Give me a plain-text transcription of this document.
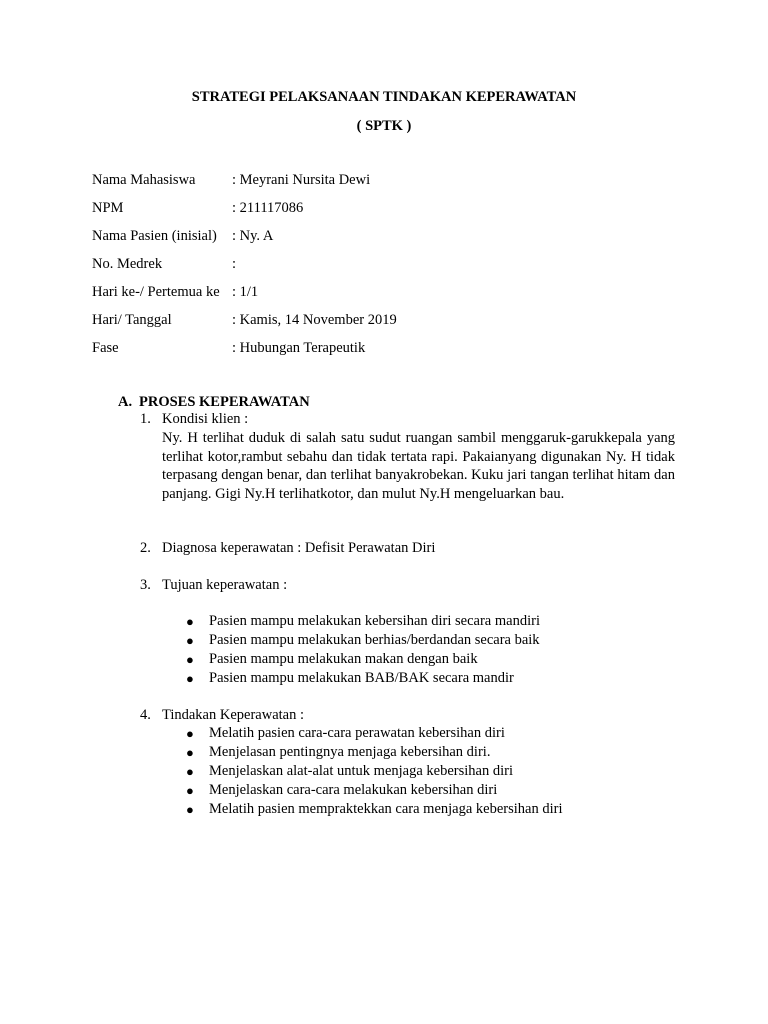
STRATEGI PELAKSANAAN TINDAKAN KEPERAWATAN
( SPTK )
Nama Mahasiswa	: Meyrani Nursita Dewi
NPM	: 211117086
Nama Pasien (inisial) : Ny. A
No. Medrek	:
Hari ke-/ Pertemua ke : 1/1
Hari/ Tanggal	: Kamis, 14 November 2019
Fase	: Hubungan Terapeutik
A. PROSES KEPERAWATAN
1. Kondisi klien :
Ny. H terlihat duduk di salah satu sudut ruangan sambil menggaruk-garukkepala yang terlihat kotor,rambut sebahu dan tidak tertata rapi. Pakaianyang digunakan Ny. H tidak terpasang dengan benar, dan terlihat banyakrobekan. Kuku jari tangan terlihat hitam dan panjang. Gigi Ny.H terlihatkotor, dan mulut Ny.H mengeluarkan bau.
2. Diagnosa keperawatan : Defisit Perawatan Diri
3. Tujuan keperawatan :
● Pasien mampu melakukan kebersihan diri secara mandiri
● Pasien mampu melakukan berhias/berdandan secara baik
● Pasien mampu melakukan makan dengan baik
● Pasien mampu melakukan BAB/BAK secara mandir
4. Tindakan Keperawatan :
● Melatih pasien cara-cara perawatan kebersihan diri
● Menjelasan pentingnya menjaga kebersihan diri.
● Menjelaskan alat-alat untuk menjaga kebersihan diri
● Menjelaskan cara-cara melakukan kebersihan diri
● Melatih pasien mempraktekkan cara menjaga kebersihan diri
